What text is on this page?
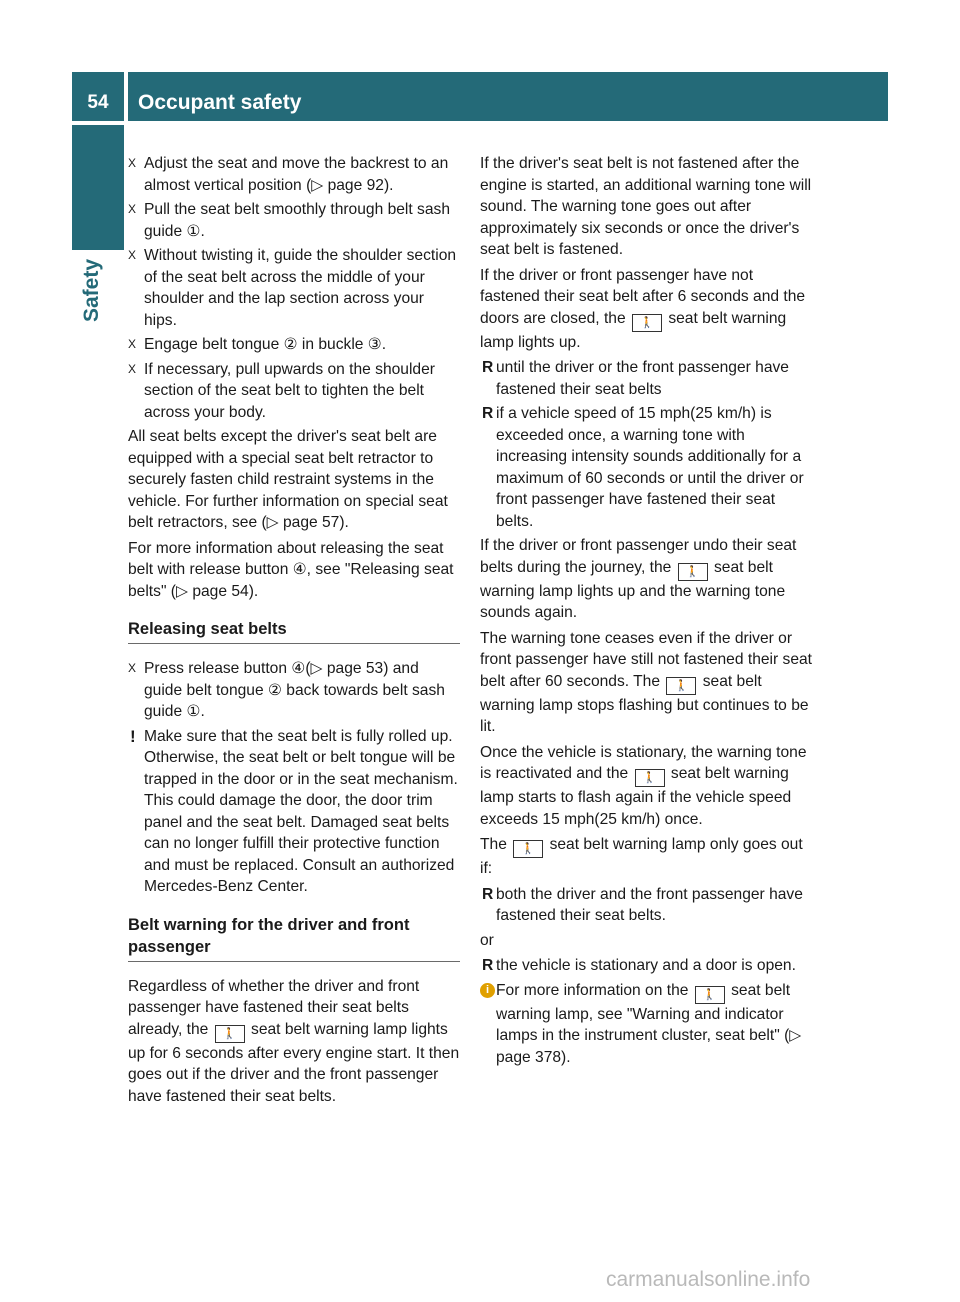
54	Occupant safety
Safety
X Adjust the seat and move the backrest to an almost vertical position (▷ page 92).
X Pull the seat belt smoothly through belt sash guide ①.
X Without twisting it, guide the shoulder section of the seat belt across the middle of your shoulder and the lap section across your hips.
X Engage belt tongue ② in buckle ③.
X If necessary, pull upwards on the shoulder section of the seat belt to tighten the belt across your body.

All seat belts except the driver's seat belt are equipped with a special seat belt retractor to securely fasten child restraint systems in the vehicle. For further information on special seat belt retractors, see (▷ page 57).

For more information about releasing the seat belt with release button ④, see "Releasing seat belts" (▷ page 54).

Releasing seat belts
X Press release button ④(▷ page 53) and guide belt tongue ② back towards belt sash guide ①.
! Make sure that the seat belt is fully rolled up. Otherwise, the seat belt or belt tongue will be trapped in the door or in the seat mechanism. This could damage the door, the door trim panel and the seat belt. Damaged seat belts can no longer fulfill their protective function and must be replaced. Consult an authorized Mercedes-Benz Center.
Belt warning for the driver and front passenger

Regardless of whether the driver and front passenger have fastened their seat belts already, the 🚶 seat belt warning lamp lights up for 6 seconds after every engine start. It then goes out if the driver and the front passenger have fastened their seat belts.

If the driver's seat belt is not fastened after the engine is started, an additional warning tone will sound. The warning tone goes out after approximately six seconds or once the driver's seat belt is fastened.

If the driver or front passenger have not fastened their seat belt after 6 seconds and the doors are closed, the 🚶 seat belt warning lamp lights up.

R until the driver or the front passenger have fastened their seat belts
R if a vehicle speed of 15 mph(25 km/h) is exceeded once, a warning tone with increasing intensity sounds additionally for a maximum of 60 seconds or until the driver or front passenger have fastened their seat belts.

If the driver or front passenger undo their seat belts during the journey, the 🚶 seat belt warning lamp lights up and the warning tone sounds again.

The warning tone ceases even if the driver or front passenger have still not fastened their seat belt after 60 seconds. The 🚶 seat belt warning lamp stops flashing but continues to be lit.

Once the vehicle is stationary, the warning tone is reactivated and the 🚶 seat belt warning lamp starts to flash again if the vehicle speed exceeds 15 mph(25 km/h) once.

The 🚶 seat belt warning lamp only goes out if:

R both the driver and the front passenger have fastened their seat belts.

or

R the vehicle is stationary and a door is open.
i For more information on the 🚶 seat belt warning lamp, see "Warning and indicator lamps in the instrument cluster, seat belt" (▷ page 378).
carmanualsonline.info
